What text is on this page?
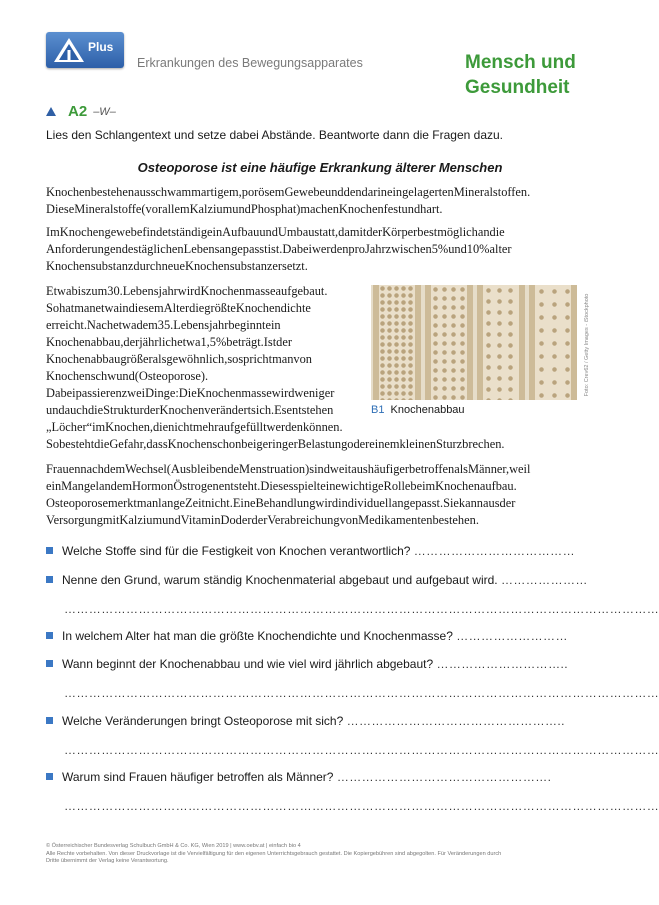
Plus
Erkrankungen des Bewegungsapparates	Mensch und
Gesundheit
A2 –W–
Lies den Schlangentext und setze dabei Abstände. Beantworte dann die Fragen dazu.
Osteoporose ist eine häufige Erkrankung älterer Menschen
Knochenbestehenausschwammartigem,porösemGewebeunddendarineingelagertenMineralstoffen.
DieseMineralstoffe(vorallemKalziumundPhosphat)machenKnochenfestundhart.
ImKnochengewebefindetständigeinAufbauundUmbaustatt,damitderKörperbestmöglichandie
AnforderungendestäglichenLebensangepasstist.DabeiwerdenproJahrzwischen5%und10%alter
KnochensubstanzdurchneueKnochensubstanzersetzt.
Etwabiszum30.LebensjahrwirdKnochenmasseaufgebaut.
SohatmanetwaindiesemAlterdiegrößteKnochendichte
erreicht.Nachetwadem35.Lebensjahrbeginntein
Knochenabbau,derjährlichetwa1,5%beträgt.Istder
Knochenabbaugrößeralsgewöhnlich,sosprichtmanvon
Knochenschwund(Osteoporose).
DabeipassierenzweiDinge:DieKnochenmassewirdweniger
undauchdieStrukturderKnochenverändertsich.Esentstehen
„Löcher“imKnochen,dienichtmehraufgefülltwerdenkönnen.
SobestehtdieGefahr,dassKnochenschonbeigeringerBelastungodereinemkleinenSturzbrechen.
FrauennachdemWechsel(AusbleibendeMenstruation)sindweitaushäufigerbetroffenalsMänner,weil
einMangelandemHormonÖstrogenentsteht.DiesesspielteinewichtigeRollebeimKnochenaufbau.
OsteoporosemerktmanlangeZeitnicht.EineBehandlungwirdindividuellangepasst.Siekannausder
VersorgungmitKalziumundVitaminDoderderVerabreichungvonMedikamentenbestehen.
Foto: Crev62 / Getty Images - iStockphoto
B1 Knochenabbau
Welche Stoffe sind für die Festigkeit von Knochen verantwortlich? …………………………………
Nenne den Grund, warum ständig Knochenmaterial abgebaut und aufgebaut wird. …………………
………………………………………………………………………………………………………………………………
In welchem Alter hat man die größte Knochendichte und Knochenmasse? ………………………
Wann beginnt der Knochenabbau und wie viel wird jährlich abgebaut? …………………………..
………………………………………………………………………………………………………………………………
Welche Veränderungen bringt Osteoporose mit sich? ……………………………………………..
………………………………………………………………………………………………………………………………
Warum sind Frauen häufiger betroffen als Männer? …………………………………………….
………………………………………………………………………………………………………………………………
© Österreichischer Bundesverlag Schulbuch GmbH & Co. KG, Wien 2019 | www.oebv.at | einfach bio 4
Alle Rechte vorbehalten. Von dieser Druckvorlage ist die Vervielfältigung für den eigenen Unterrichtsgebrauch gestattet. Die Kopiergebühren sind abgegolten. Für Veränderungen durch
Dritte übernimmt der Verlag keine Verantwortung.
